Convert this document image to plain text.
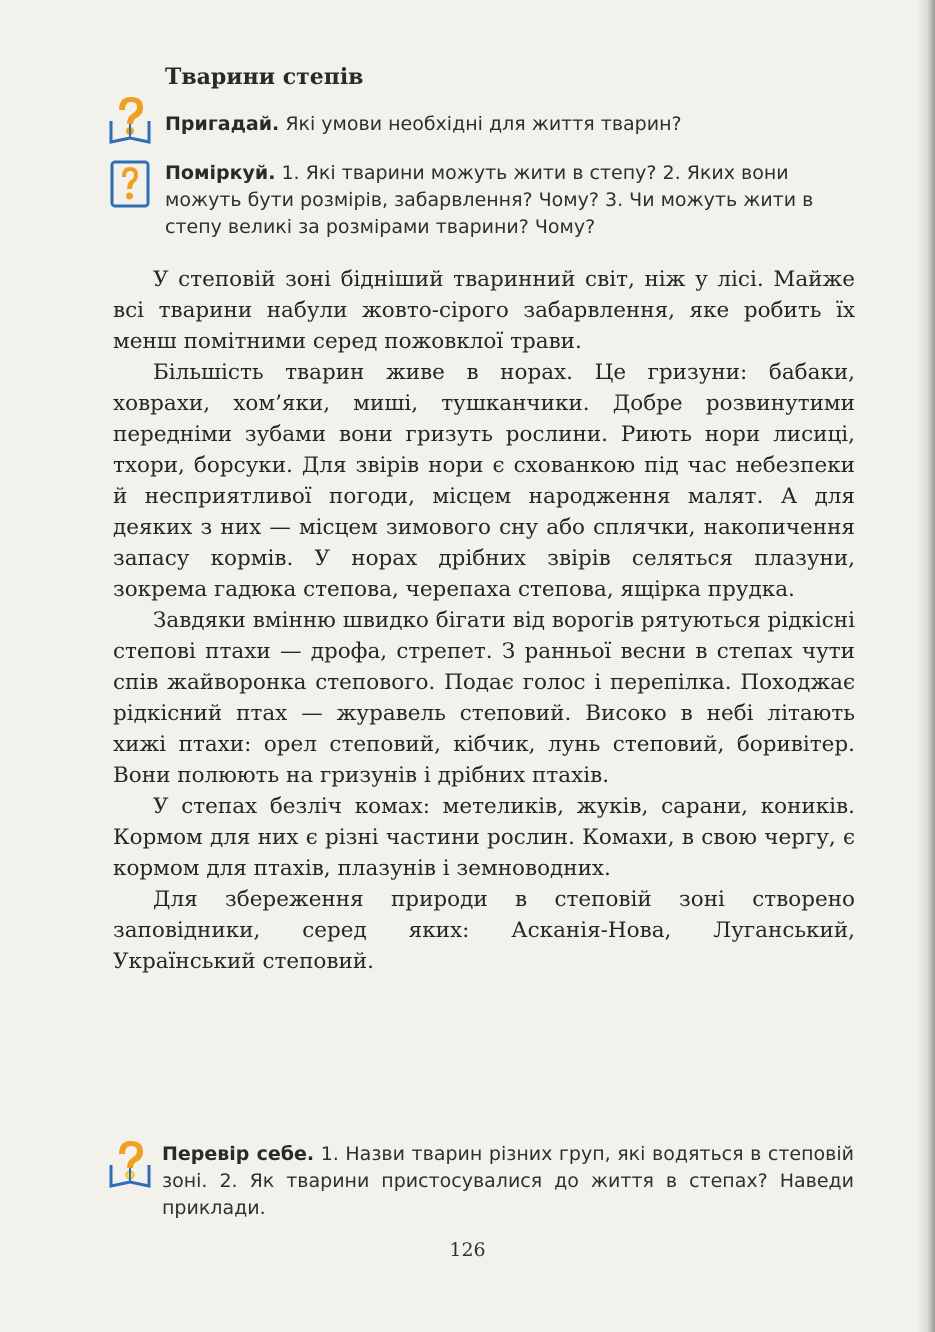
Тварини степів
Пригадай. Які умови необхідні для життя тварин?
Поміркуй. 1. Які тварини можуть жити в степу? 2. Яких вони можуть бути розмірів, забарвлення? Чому? 3. Чи можуть жити в степу великі за розмірами тварини? Чому?

У степовій зоні бідніший тваринний світ, ніж у лісі. Майже всі тварини набули жовто-сірого забарвлення, яке робить їх менш помітними серед пожовклої трави.

Більшість тварин живе в норах. Це гризуни: бабаки, ховрахи, хом’яки, миші, тушканчики. Добре розвинутими передніми зубами вони гризуть рослини. Риють нори лисиці, тхори, борсуки. Для звірів нори є схованкою під час небезпеки й несприятливої погоди, місцем народження малят. А для деяких з них — місцем зимового сну або сплячки, накопичення запасу кормів. У норах дрібних звірів селяться плазуни, зокрема гадюка степова, черепаха степова, ящірка прудка.

Завдяки вмінню швидко бігати від ворогів рятуються рідкісні степові птахи — дрофа, стрепет. З ранньої весни в степах чути спів жайворонка степового. Подає голос і перепілка. Походжає рідкісний птах — журавель степовий. Високо в небі літають хижі птахи: орел степовий, кібчик, лунь степовий, боривітер. Вони полюють на гризунів і дрібних птахів.

У степах безліч комах: метеликів, жуків, сарани, коників. Кормом для них є різні частини рослин. Комахи, в свою чергу, є кормом для птахів, плазунів і земноводних.

Для збереження природи в степовій зоні створено заповідники, серед яких: Асканія-Нова, Луганський, Український степовий.

Перевір себе. 1. Назви тварин різних груп, які водяться в степовій зоні. 2. Як тварини пристосувалися до життя в степах? Наведи приклади.
126
